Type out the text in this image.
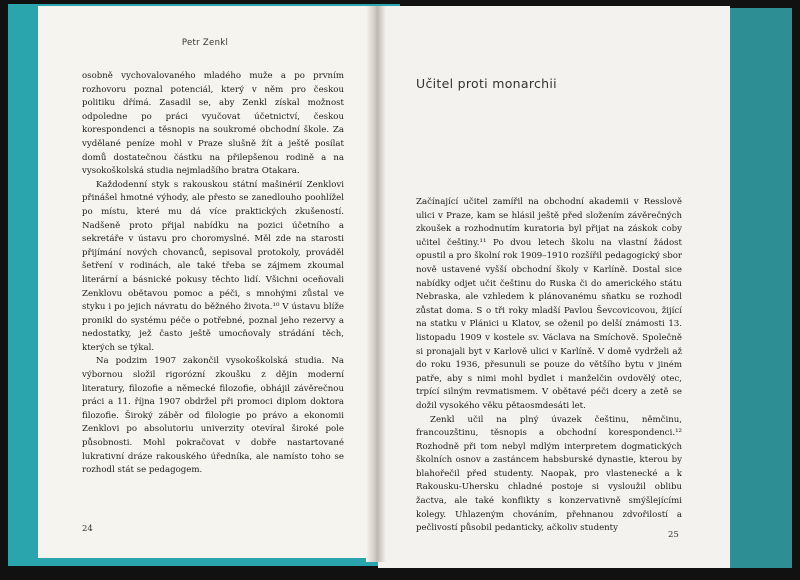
Petr Zenkl

osobně vychovalovaného mladého muže a po prvním rozhovoru poznal potenciál, který v něm pro českou politiku dřímá. Zasadil se, aby Zenkl získal možnost odpoledne po práci vyučovat účetnictví, českou korespondenci a těsnopis na soukromé obchodní škole. Za vydělané peníze mohl v Praze slušně žít a ještě posílat domů dostatečnou částku na přilepšenou rodině a na vysokoškolská studia nejmladšího bratra Otakara.

Každodenní styk s rakouskou státní mašinérií Zenklovi přinášel hmotné výhody, ale přesto se zanedlouho poohlížel po místu, které mu dá více praktických zkušeností. Nadšeně proto přijal nabídku na pozici účetního a sekretáře v ústavu pro choromyslné. Měl zde na starosti přijímání nových chovanců, sepisoval protokoly, prováděl šetření v rodinách, ale také třeba se zájmem zkoumal literární a básnické pokusy těchto lidí. Všichni oceňovali Zenklovu obětavou pomoc a péči, s mnohými zůstal ve styku i po jejich návratu do běžného života.¹⁰ V ústavu blíže pronikl do systému péče o potřebné, poznal jeho rezervy a nedostatky, jež často ještě umocňovaly strádání těch, kterých se týkal.

Na podzim 1907 zakončil vysokoškolská studia. Na výbornou složil rigorózní zkoušku z dějin moderní literatury, filozofie a německé filozofie, obhájil závěrečnou práci a 11. října 1907 obdržel při promoci diplom doktora filozofie. Široký záběr od filologie po právo a ekonomii Zenklovi po absolutoriu univerzity otevíral široké pole působnosti. Mohl pokračovat v dobře nastartované lukrativní dráze rakouského úředníka, ale namísto toho se rozhodl stát se pedagogem.

24
Učitel proti monarchii

Začínající učitel zamířil na obchodní akademii v Resslově ulici v Praze, kam se hlásil ještě před složením závěrečných zkoušek a rozhodnutím kuratoria byl přijat na záskok coby učitel češtiny.¹¹ Po dvou letech školu na vlastní žádost opustil a pro školní rok 1909–1910 rozšířil pedagogický sbor nově ustavené vyšší obchodní školy v Karlíně. Dostal sice nabídky odjet učit češtinu do Ruska či do amerického státu Nebraska, ale vzhledem k plánovanému sňatku se rozhodl zůstat doma. S o tři roky mladší Pavlou Ševcovicovou, žijící na statku v Plánici u Klatov, se oženil po delší známosti 13. listopadu 1909 v kostele sv. Václava na Smíchově. Společně si pronajali byt v Karlově ulici v Karlíně. V domě vydrželi až do roku 1936, přesunuli se pouze do většího bytu v jiném patře, aby s nimi mohl bydlet i manželčin ovdovělý otec, trpící silným revmatismem. V obětavé péči dcery a zetě se dožil vysokého věku pětaosmdesáti let.

Zenkl učil na plný úvazek češtinu, němčinu, francouzštinu, těsnopis a obchodní korespondenci.¹² Rozhodně při tom nebyl mdlým interpretem dogmatických školních osnov a zastáncem habsburské dynastie, kterou by blahořečil před studenty. Naopak, pro vlastenecké a k Rakousku-Uhersku chladné postoje si vysloužil oblibu žactva, ale také konflikty s konzervativně smýšlejícími kolegy. Uhlazeným chováním, přehnanou zdvořilostí a pečlivostí působil pedanticky, ačkoliv studenty

25
